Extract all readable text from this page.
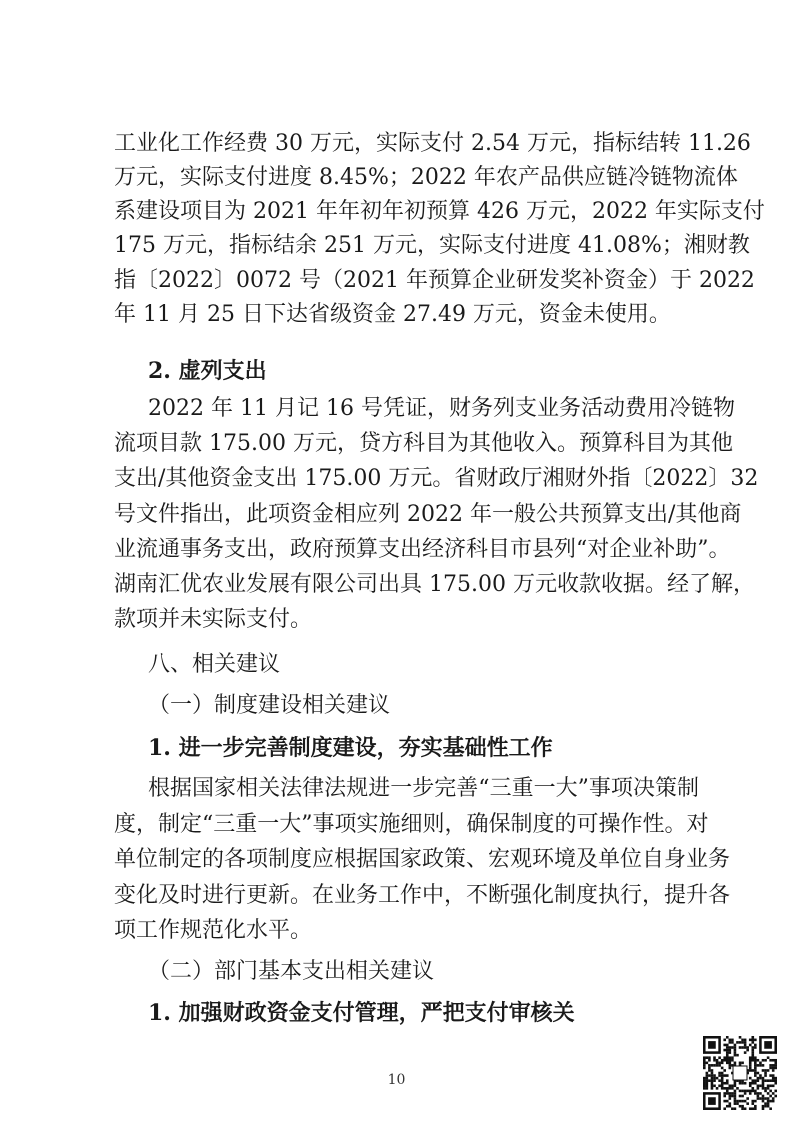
工业化工作经费 30 万元，实际支付 2.54 万元，指标结转 11.26
万元，实际支付进度 8.45%；2022 年农产品供应链冷链物流体
系建设项目为 2021 年年初年初预算 426 万元，2022 年实际支付
175 万元，指标结余 251 万元，实际支付进度 41.08%；湘财教
指〔2022〕0072 号（2021 年预算企业研发奖补资金）于 2022
年 11 月 25 日下达省级资金 27.49 万元，资金未使用。
2. 虚列支出
2022 年 11 月记 16 号凭证，财务列支业务活动费用冷链物
流项目款 175.00 万元，贷方科目为其他收入。预算科目为其他
支出/其他资金支出 175.00 万元。省财政厅湘财外指〔2022〕32
号文件指出，此项资金相应列 2022 年一般公共预算支出/其他商
业流通事务支出，政府预算支出经济科目市县列“对企业补助”。
湖南汇优农业发展有限公司出具 175.00 万元收款收据。经了解，
款项并未实际支付。
八、相关建议
（一）制度建设相关建议
1. 进一步完善制度建设，夯实基础性工作
根据国家相关法律法规进一步完善“三重一大”事项决策制
度，制定“三重一大”事项实施细则，确保制度的可操作性。对
单位制定的各项制度应根据国家政策、宏观环境及单位自身业务
变化及时进行更新。在业务工作中，不断强化制度执行，提升各
项工作规范化水平。
（二）部门基本支出相关建议
1. 加强财政资金支付管理，严把支付审核关
10
